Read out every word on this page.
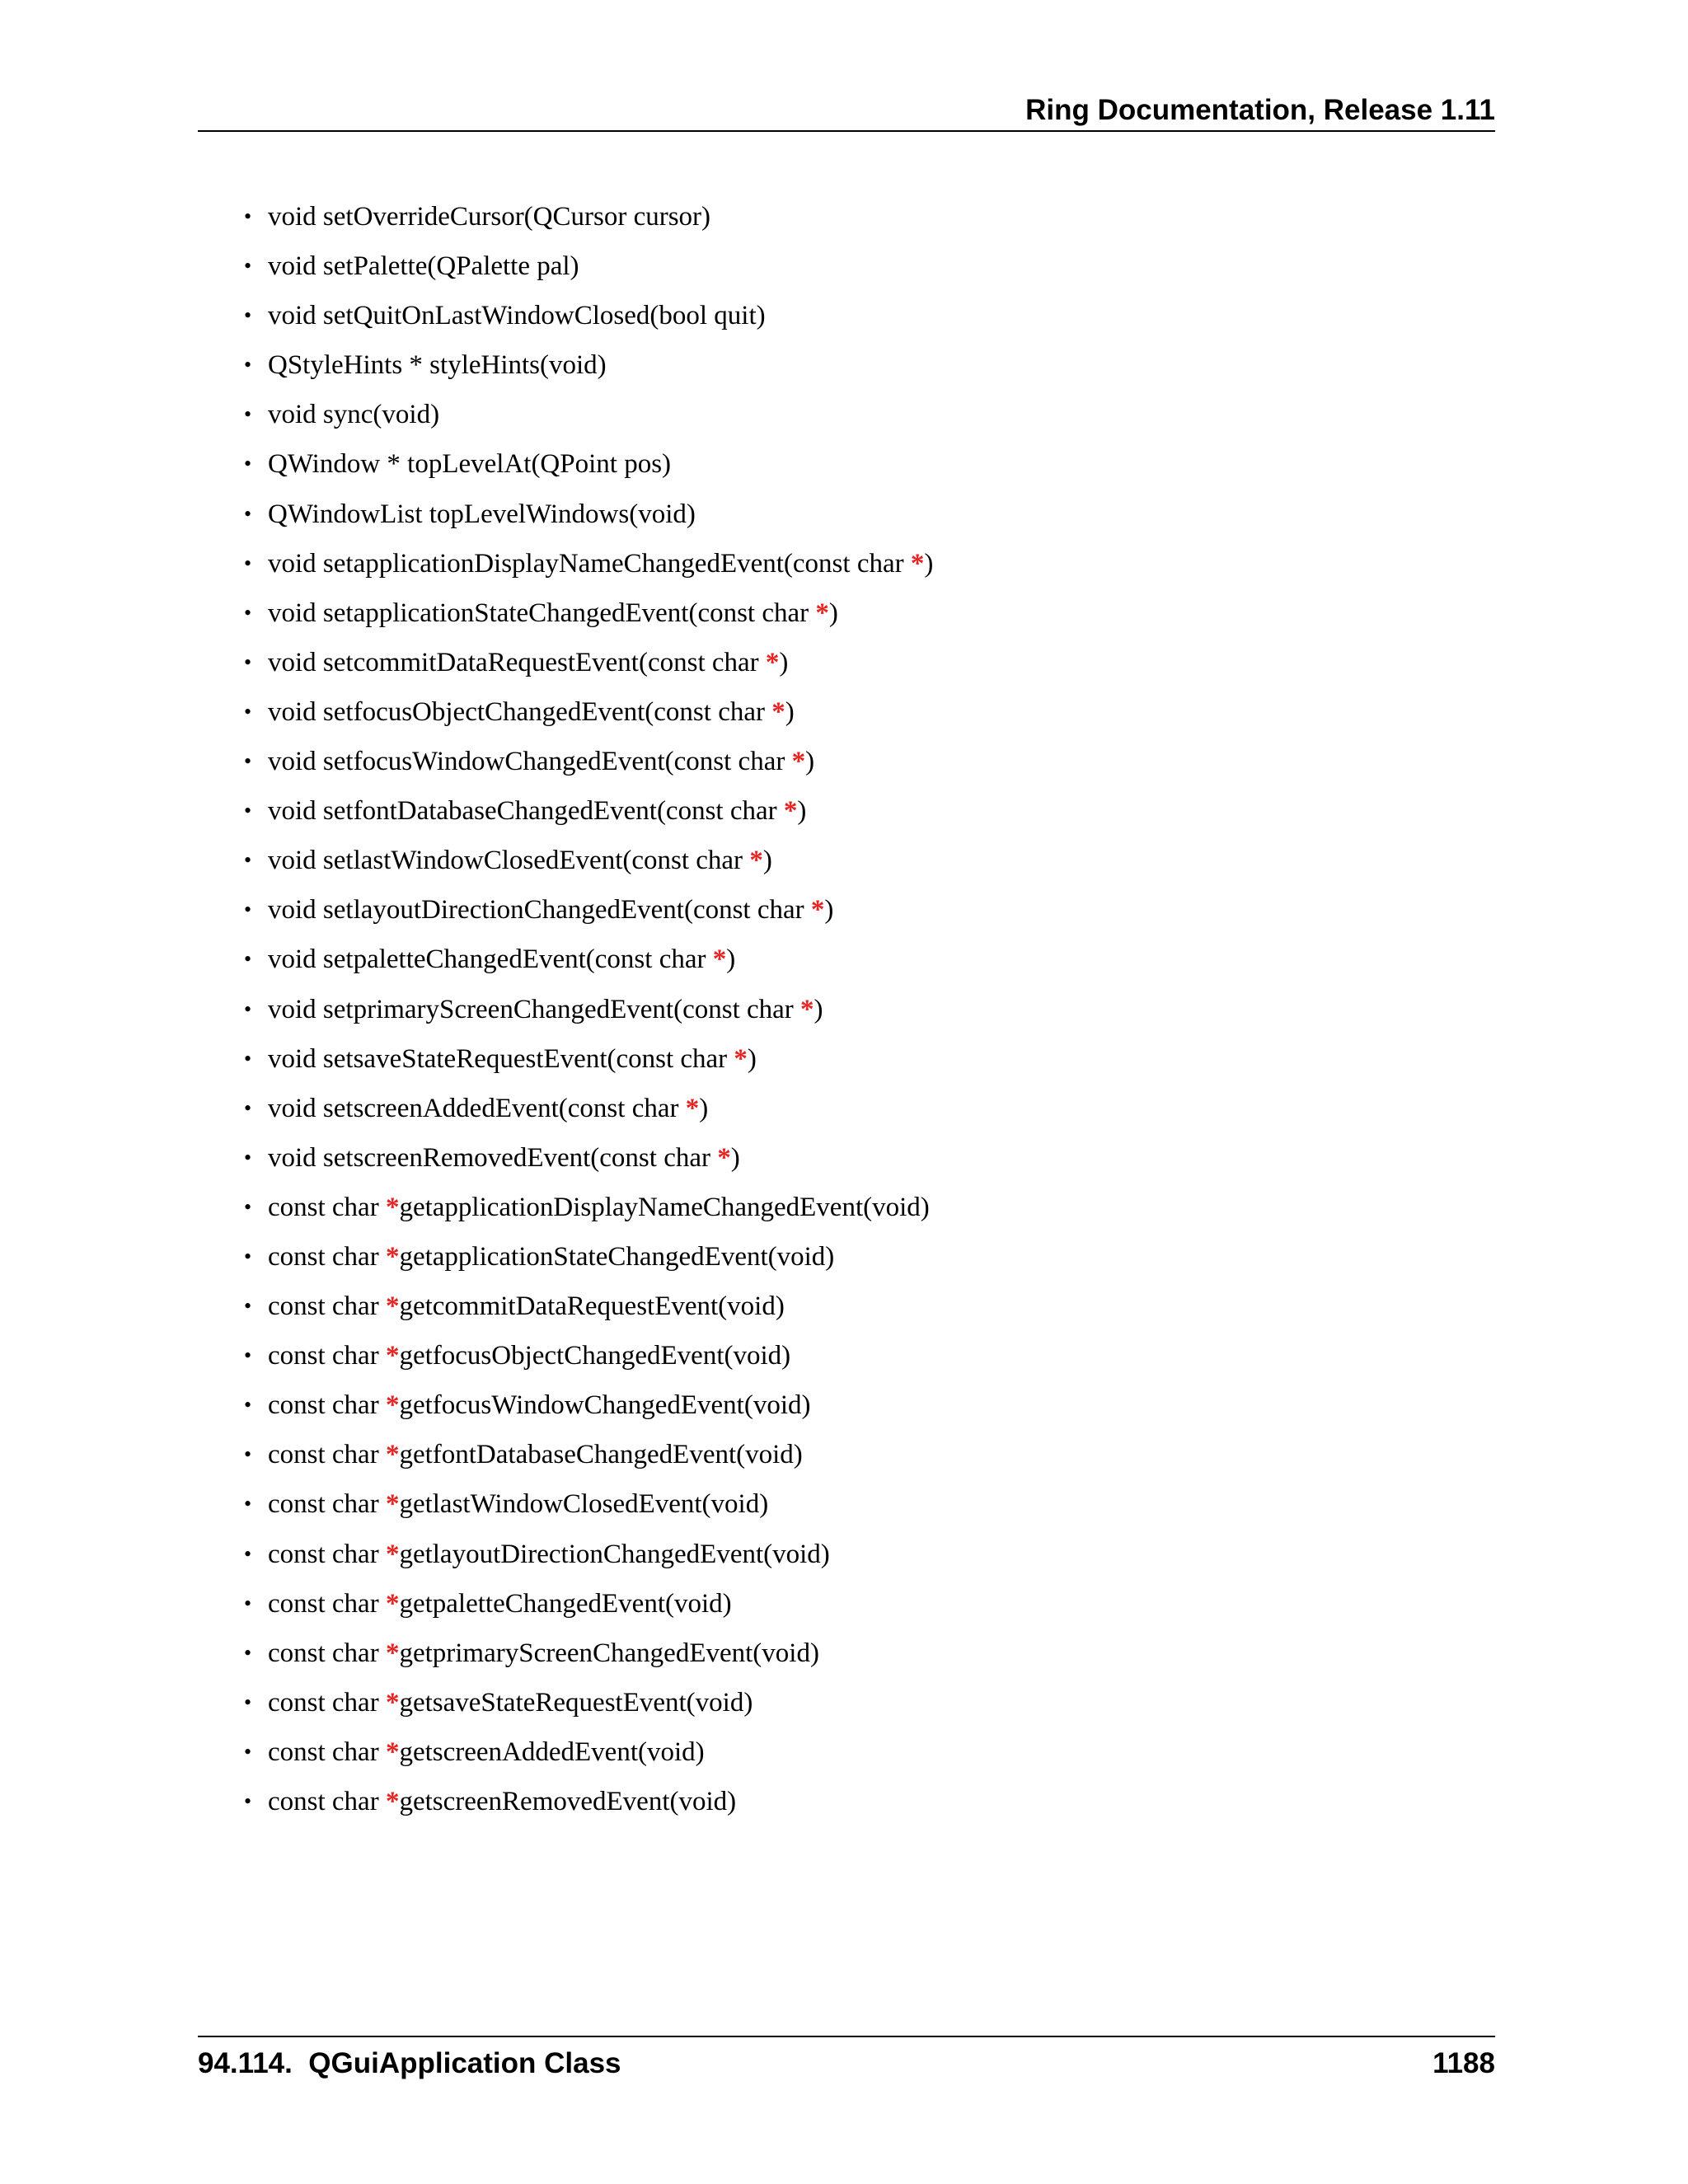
Ring Documentation, Release 1.11
• void setOverrideCursor(QCursor cursor)
• void setPalette(QPalette pal)
• void setQuitOnLastWindowClosed(bool quit)
• QStyleHints * styleHints(void)
• void sync(void)
• QWindow * topLevelAt(QPoint pos)
• QWindowList topLevelWindows(void)
• void setapplicationDisplayNameChangedEvent(const char *)
• void setapplicationStateChangedEvent(const char *)
• void setcommitDataRequestEvent(const char *)
• void setfocusObjectChangedEvent(const char *)
• void setfocusWindowChangedEvent(const char *)
• void setfontDatabaseChangedEvent(const char *)
• void setlastWindowClosedEvent(const char *)
• void setlayoutDirectionChangedEvent(const char *)
• void setpaletteChangedEvent(const char *)
• void setprimaryScreenChangedEvent(const char *)
• void setsaveStateRequestEvent(const char *)
• void setscreenAddedEvent(const char *)
• void setscreenRemovedEvent(const char *)
• const char *getapplicationDisplayNameChangedEvent(void)
• const char *getapplicationStateChangedEvent(void)
• const char *getcommitDataRequestEvent(void)
• const char *getfocusObjectChangedEvent(void)
• const char *getfocusWindowChangedEvent(void)
• const char *getfontDatabaseChangedEvent(void)
• const char *getlastWindowClosedEvent(void)
• const char *getlayoutDirectionChangedEvent(void)
• const char *getpaletteChangedEvent(void)
• const char *getprimaryScreenChangedEvent(void)
• const char *getsaveStateRequestEvent(void)
• const char *getscreenAddedEvent(void)
• const char *getscreenRemovedEvent(void)
94.114.  QGuiApplication Class	1188
